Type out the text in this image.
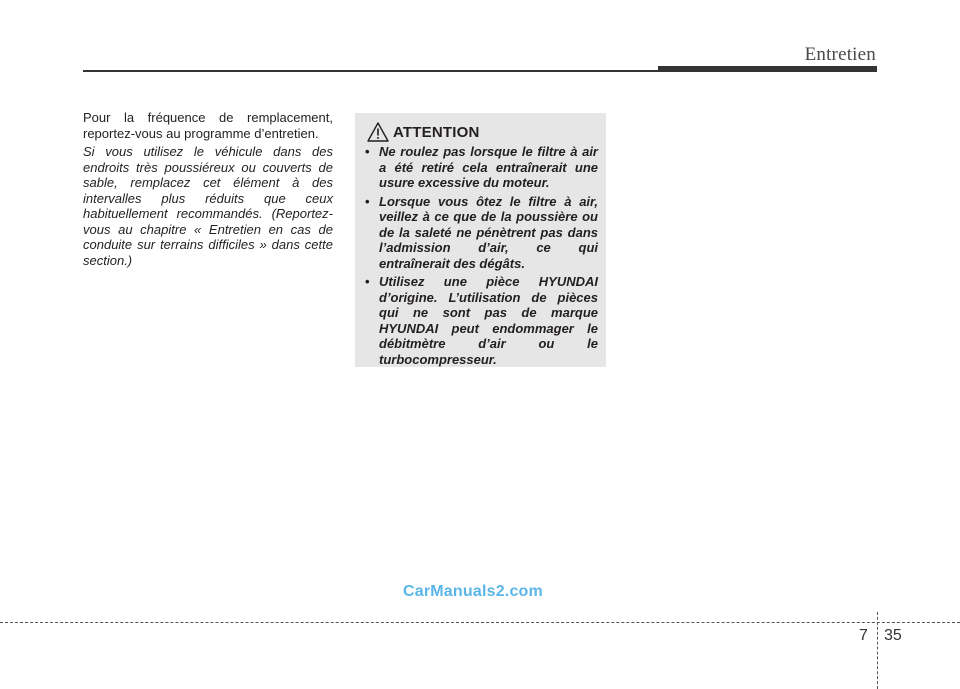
Entretien

Pour la fréquence de remplacement, reportez-vous au programme d’entretien.

Si vous utilisez le véhicule dans des endroits très poussiéreux ou couverts de sable, remplacez cet élément à des intervalles plus réduits que ceux habituellement recommandés. (Reportez-vous au chapitre « Entretien en cas de conduite sur terrains difficiles » dans cette section.)

ATTENTION
• Ne roulez pas lorsque le filtre à air a été retiré cela entraînerait une usure excessive du moteur.
• Lorsque vous ôtez le filtre à air, veillez à ce que de la poussière ou de la saleté ne pénètrent pas dans l’admission d’air, ce qui entraînerait des dégâts.
• Utilisez une pièce HYUNDAI d’origine. L’utilisation de pièces qui ne sont pas de marque HYUNDAI peut endommager le débitmètre d’air ou le turbocompresseur.
CarManuals2.com
7 35
